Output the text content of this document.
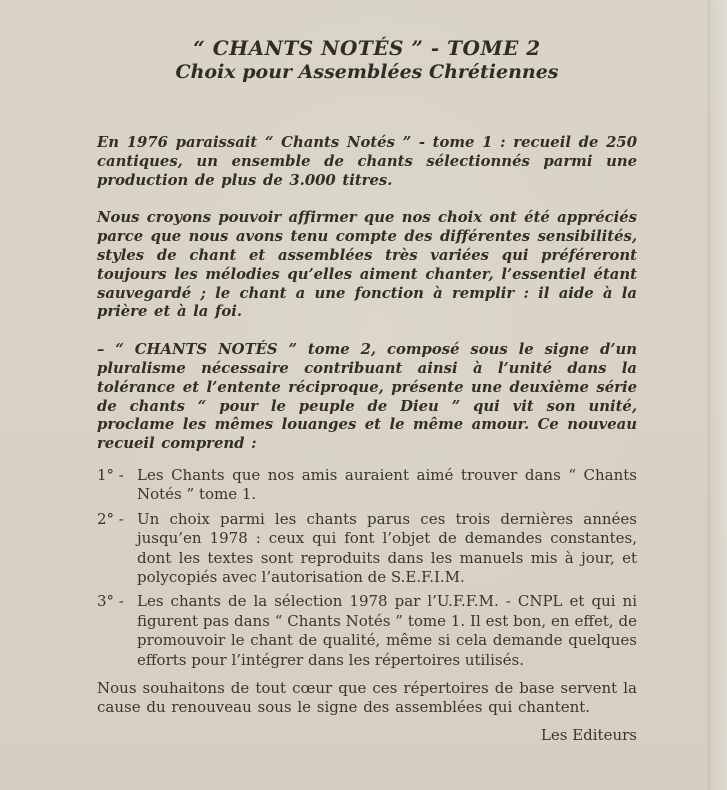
“ CHANTS NOTÉS ” - TOME 2
Choix pour Assemblées Chrétiennes

En 1976 paraissait “ Chants Notés ” - tome 1 : recueil de 250 cantiques, un ensemble de chants sélectionnés parmi une production de plus de 3.000 titres.

Nous croyons pouvoir affirmer que nos choix ont été appréciés parce que nous avons tenu compte des différentes sensibilités, styles de chant et assemblées très variées qui préféreront toujours les mélodies qu’elles aiment chanter, l’essentiel étant sauvegardé ; le chant a une fonction à remplir : il aide à la prière et à la foi.

– “ CHANTS NOTÉS ” tome 2, composé sous le signe d’un pluralisme nécessaire contribuant ainsi à l’unité dans la tolérance et l’entente réciproque, présente une deuxième série de chants “ pour le peuple de Dieu ” qui vit son unité, proclame les mêmes louanges et le même amour. Ce nouveau recueil comprend :

1° - Les Chants que nos amis auraient aimé trouver dans “ Chants Notés ” tome 1.
2° - Un choix parmi les chants parus ces trois dernières années jusqu’en 1978 : ceux qui font l’objet de demandes constantes, dont les textes sont reproduits dans les manuels mis à jour, et polycopiés avec l’autorisation de S.E.F.I.M.
3° - Les chants de la sélection 1978 par l’U.F.F.M. - CNPL et qui ni figurent pas dans “ Chants Notés ” tome 1. Il est bon, en effet, de promouvoir le chant de qualité, même si cela demande quelques efforts pour l’intégrer dans les répertoires utilisés.

Nous souhaitons de tout cœur que ces répertoires de base servent la cause du renouveau sous le signe des assemblées qui chantent.

Les Editeurs
